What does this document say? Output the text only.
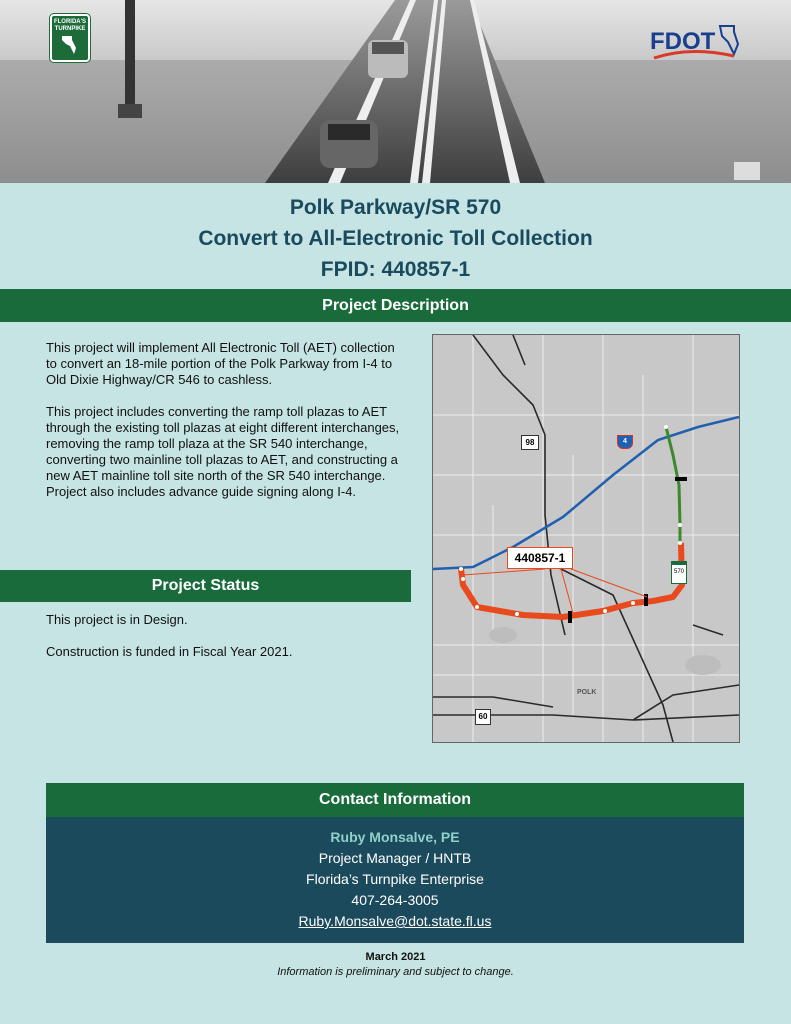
FLORIDA'S TURNPIKE	FDOT
Polk Parkway/SR 570
Convert to All-Electronic Toll Collection
FPID: 440857-1
Project Description
This project will implement All Electronic Toll (AET) collection to convert an 18-mile portion of the Polk Parkway from I-4 to Old Dixie Highway/CR 546 to cashless.
This project includes converting the ramp toll plazas to AET through the existing toll plazas at eight different interchanges, removing the ramp toll plaza at the SR 540 interchange, converting two mainline toll plazas to AET, and constructing a new AET mainline toll site north of the SR 540 interchange. Project also includes advance guide signing along I-4.
Project Status
This project is in Design.
Construction is funded in Fiscal Year 2021.
98	4
570
60
440857-1
POLK
Contact Information
Ruby Monsalve, PE
Project Manager / HNTB
Florida’s Turnpike Enterprise
407-264-3005
Ruby.Monsalve@dot.state.fl.us
March 2021
Information is preliminary and subject to change.
